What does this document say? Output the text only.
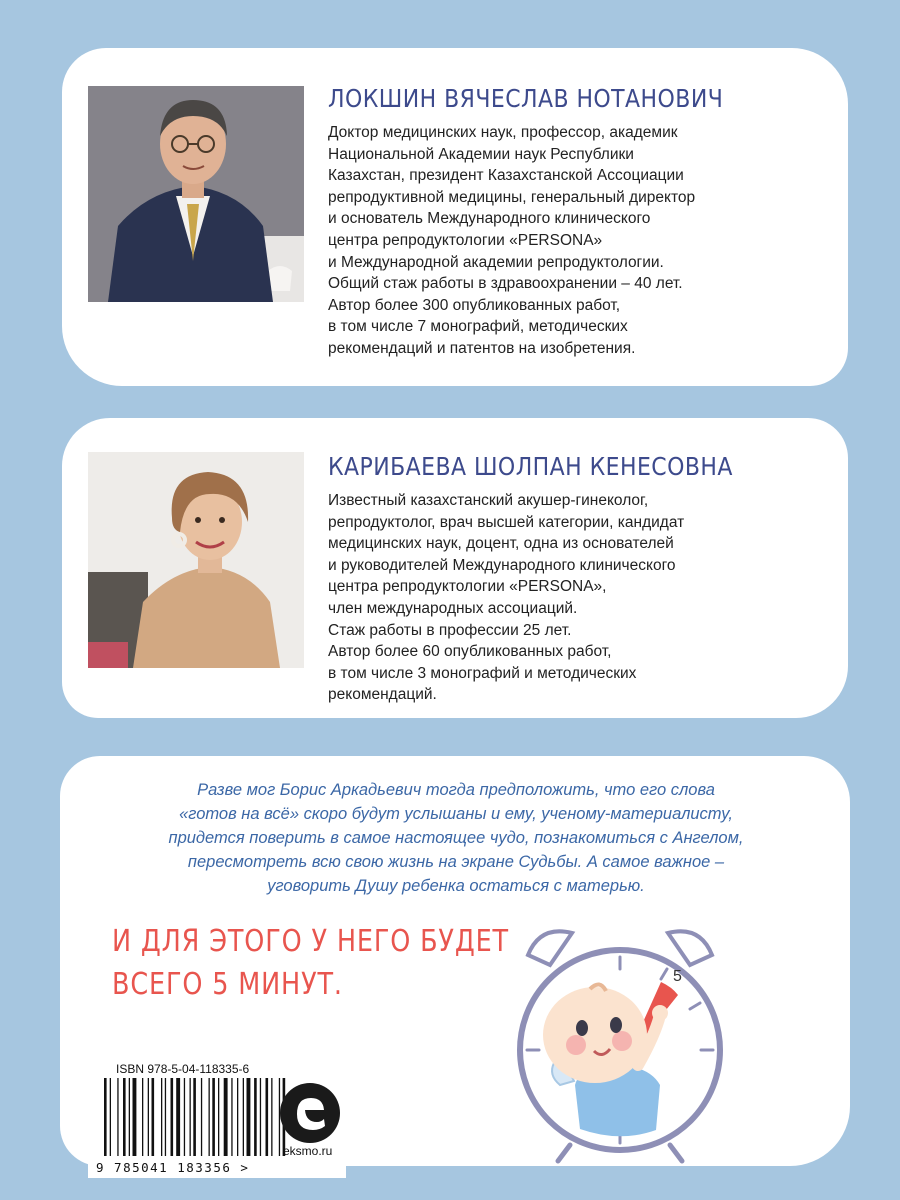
ЛОКШИН ВЯЧЕСЛАВ НОТАНОВИЧ
Доктор медицинских наук, профессор, академик
Национальной Академии наук Республики
Казахстан, президент Казахстанской Ассоциации
репродуктивной медицины, генеральный директор
и основатель Международного клинического
центра репродуктологии «PERSONA»
и Международной академии репродуктологии.
Общий стаж работы в здравоохранении – 40 лет.
Автор более 300 опубликованных работ,
в том числе 7 монографий, методических
рекомендаций и патентов на изобретения.
КАРИБАЕВА ШОЛПАН КЕНЕСОВНА
Известный казахстанский акушер-гинеколог,
репродуктолог, врач высшей категории, кандидат
медицинских наук, доцент, одна из основателей
и руководителей Международного клинического
центра репродуктологии «PERSONA»,
член международных ассоциаций.
Стаж работы в профессии 25 лет.
Автор более 60 опубликованных работ,
в том числе 3 монографий и методических
рекомендаций.
Разве мог Борис Аркадьевич тогда предположить, что его слова
«готов на всё» скоро будут услышаны и ему, ученому-материалисту,
придется поверить в самое настоящее чудо, познакомиться с Ангелом,
пересмотреть всю свою жизнь на экране Судьбы. А самое важное –
уговорить Душу ребенка остаться с матерью.
И ДЛЯ ЭТОГО У НЕГО БУДЕТ
ВСЕГО 5 МИНУТ.	5
ISBN 978-5-04-118335-6
9 785041 183356 >
eksmo.ru
